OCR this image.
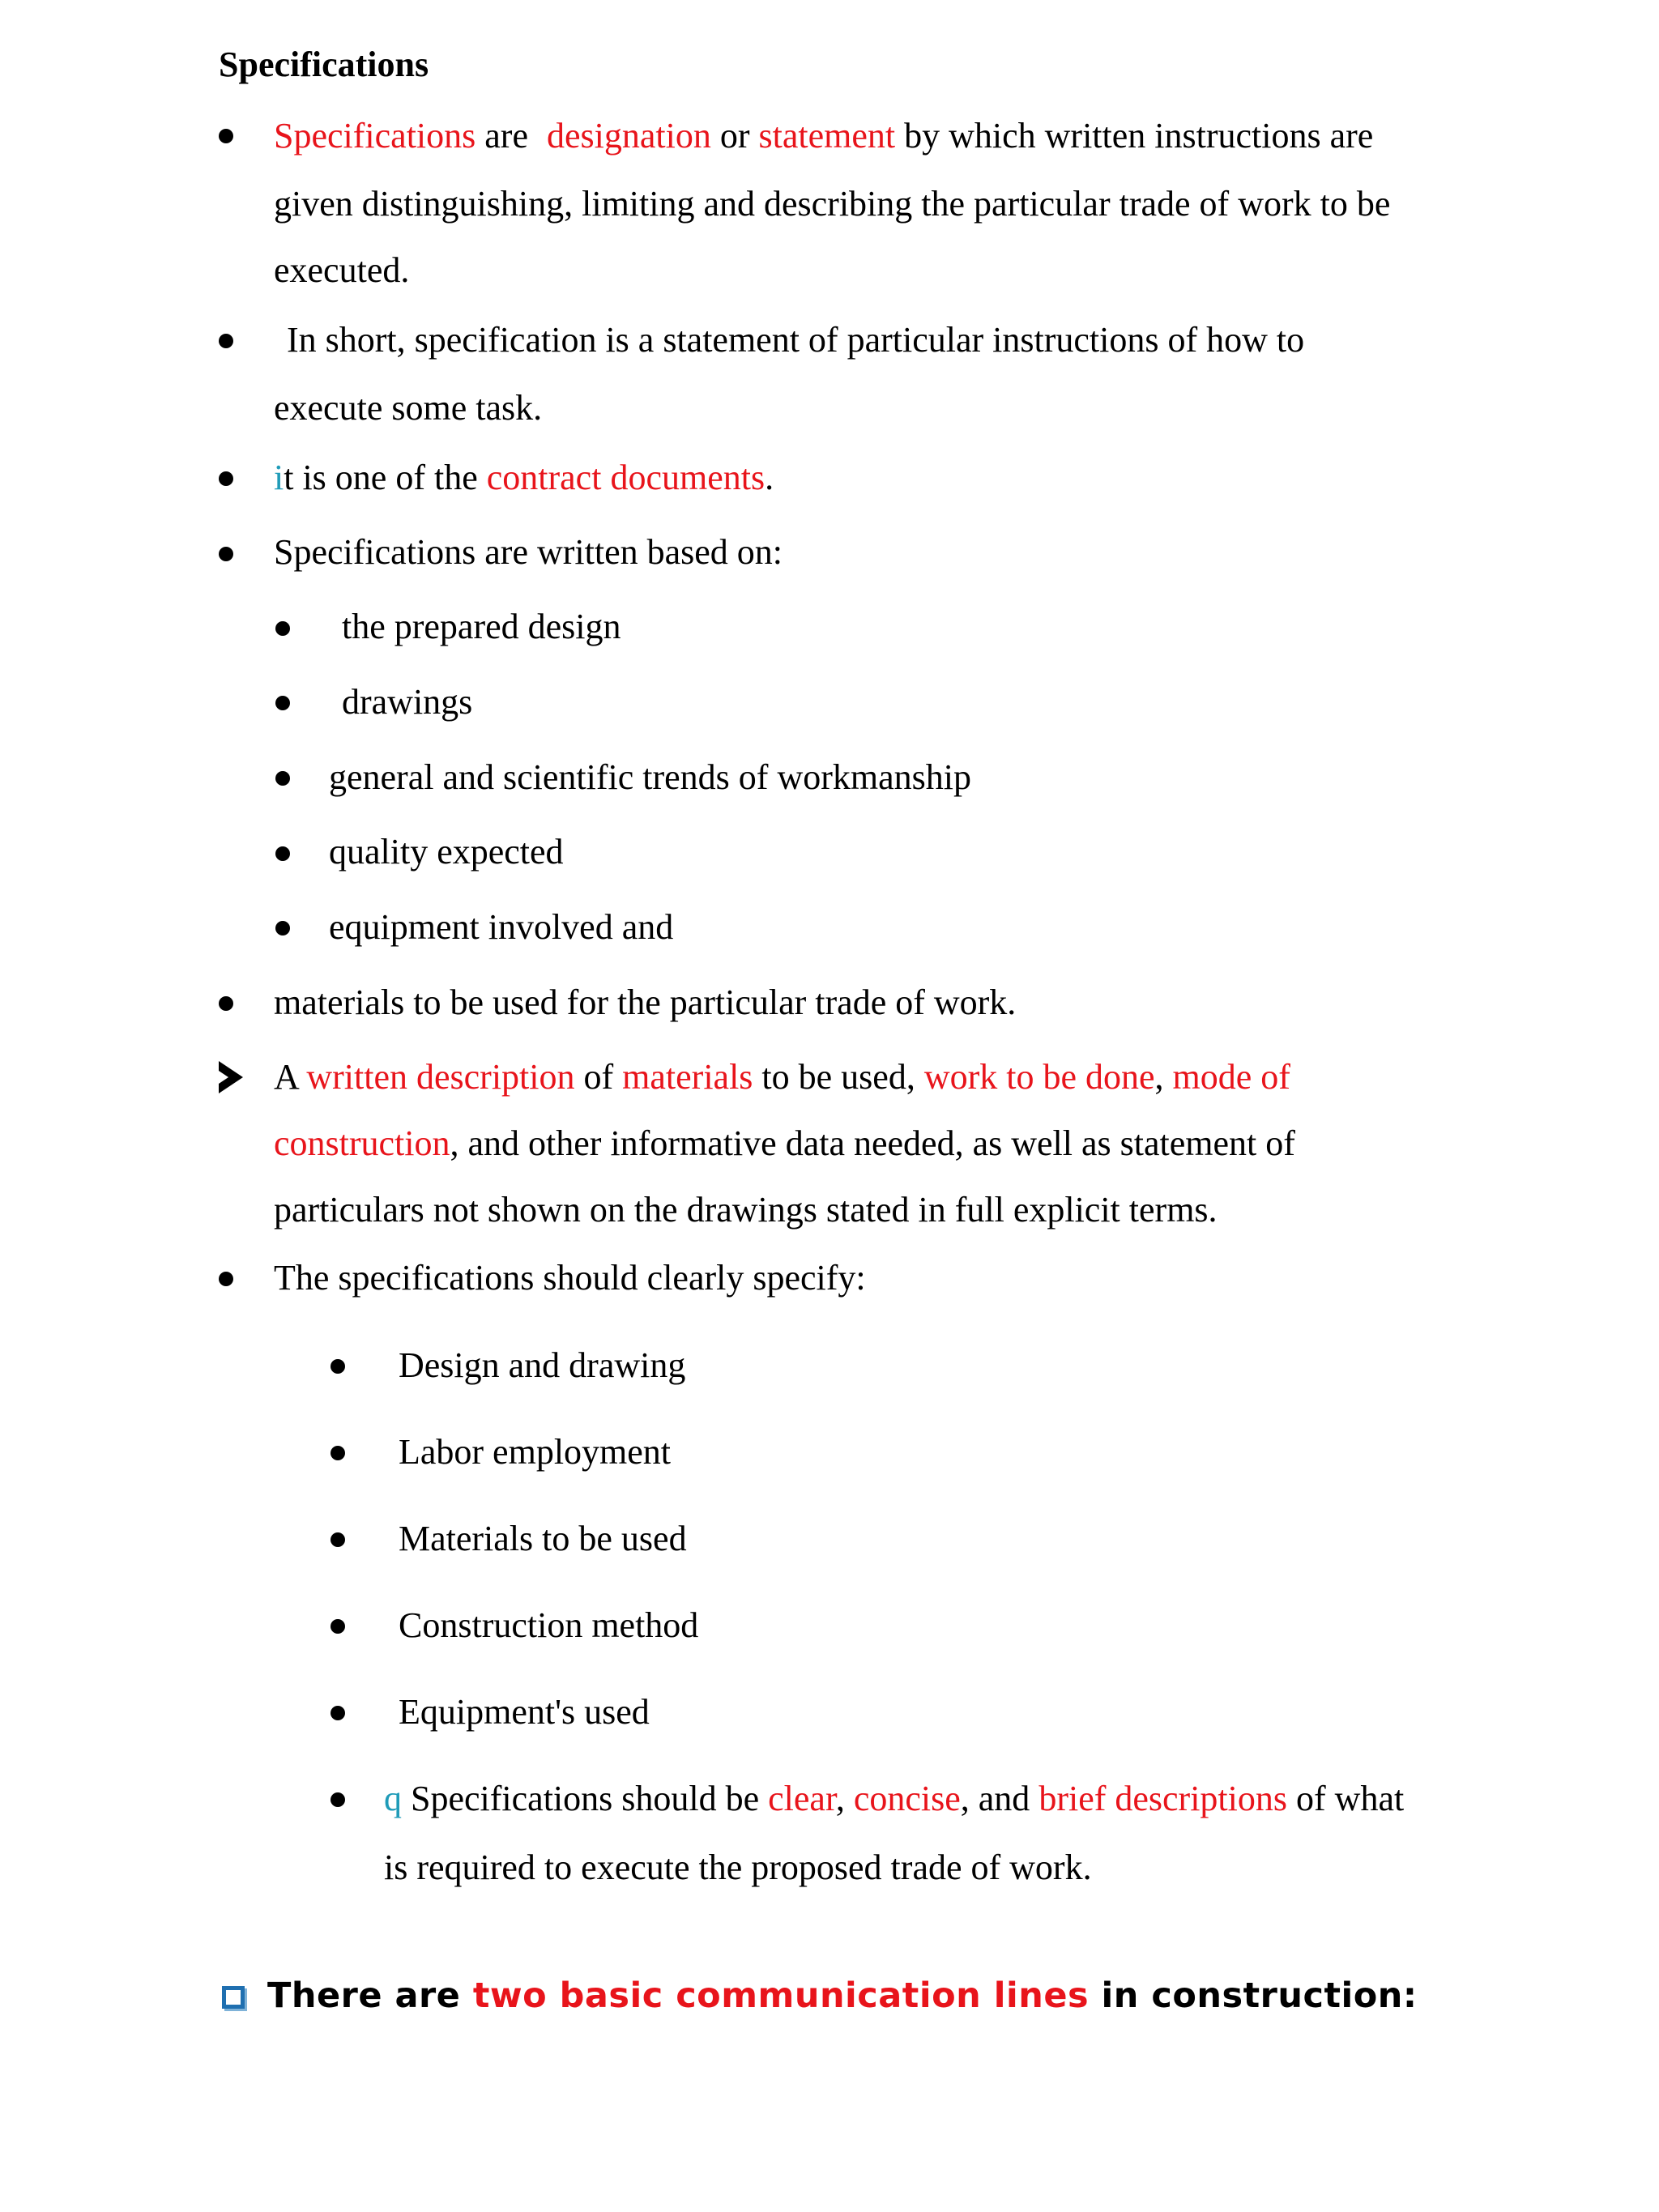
Specifications
Specifications are designation or statement by which written instructions are
given distinguishing, limiting and describing the particular trade of work to be
executed.
In short, specification is a statement of particular instructions of how to
execute some task.
it is one of the contract documents.
Specifications are written based on:
the prepared design
drawings
general and scientific trends of workmanship
quality expected
equipment involved and
materials to be used for the particular trade of work.
A written description of materials to be used, work to be done, mode of
construction, and other informative data needed, as well as statement of
particulars not shown on the drawings stated in full explicit terms.
The specifications should clearly specify:
Design and drawing
Labor employment
Materials to be used
Construction method
Equipment's used
q Specifications should be clear, concise, and brief descriptions of what
is required to execute the proposed trade of work.
There are two basic communication lines in construction:
